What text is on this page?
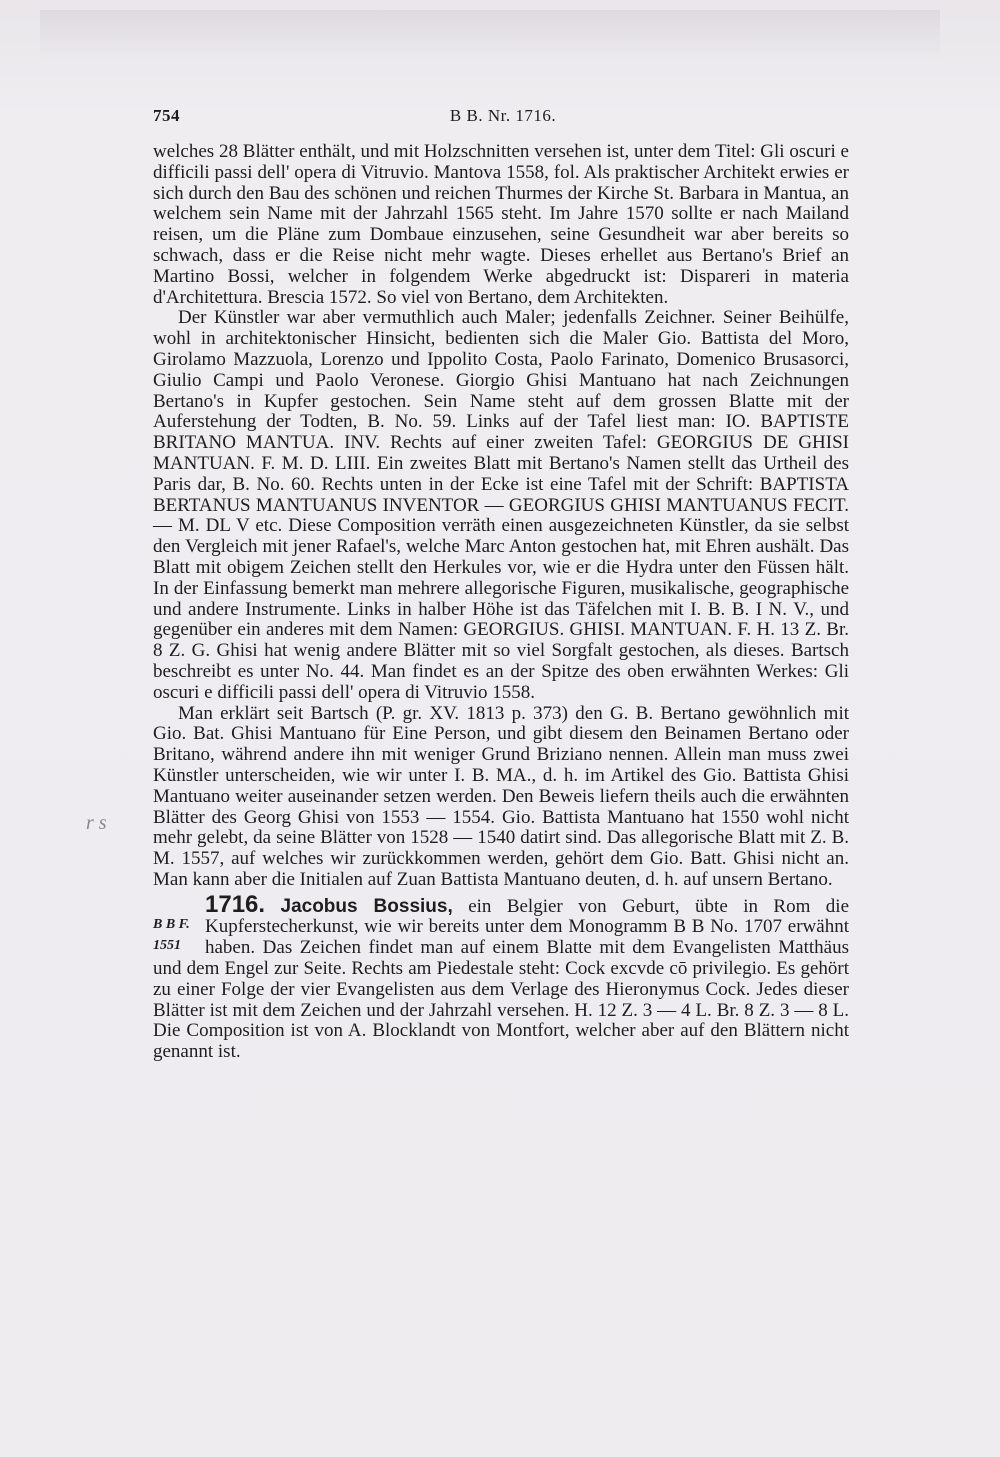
754	B B. Nr. 1716.
r s

welches 28 Blätter enthält, und mit Holzschnitten versehen ist, unter dem Titel: Gli oscuri e difficili passi dell' opera di Vitruvio. Mantova 1558, fol. Als praktischer Architekt erwies er sich durch den Bau des schönen und reichen Thurmes der Kirche St. Barbara in Mantua, an welchem sein Name mit der Jahrzahl 1565 steht. Im Jahre 1570 sollte er nach Mailand reisen, um die Pläne zum Dombaue einzusehen, seine Gesundheit war aber bereits so schwach, dass er die Reise nicht mehr wagte. Dieses erhellet aus Bertano's Brief an Martino Bossi, welcher in folgendem Werke abgedruckt ist: Dispareri in materia d'Architettura. Brescia 1572. So viel von Bertano, dem Architekten.

Der Künstler war aber vermuthlich auch Maler; jedenfalls Zeichner. Seiner Beihülfe, wohl in architektonischer Hinsicht, bedienten sich die Maler Gio. Battista del Moro, Girolamo Mazzuola, Lorenzo und Ippolito Costa, Paolo Farinato, Domenico Brusasorci, Giulio Campi und Paolo Veronese. Giorgio Ghisi Mantuano hat nach Zeichnungen Bertano's in Kupfer gestochen. Sein Name steht auf dem grossen Blatte mit der Auferstehung der Todten, B. No. 59. Links auf der Tafel liest man: IO. BAPTISTE BRITANO MANTUA. INV. Rechts auf einer zweiten Tafel: GEORGIUS DE GHISI MANTUAN. F. M. D. LIII. Ein zweites Blatt mit Bertano's Namen stellt das Urtheil des Paris dar, B. No. 60. Rechts unten in der Ecke ist eine Tafel mit der Schrift: BAPTISTA BERTANUS MANTUANUS INVENTOR — GEORGIUS GHISI MANTUANUS FECIT. — M. DL V etc. Diese Composition verräth einen ausgezeichneten Künstler, da sie selbst den Vergleich mit jener Rafael's, welche Marc Anton gestochen hat, mit Ehren aushält. Das Blatt mit obigem Zeichen stellt den Herkules vor, wie er die Hydra unter den Füssen hält. In der Einfassung bemerkt man mehrere allegorische Figuren, musikalische, geographische und andere Instrumente. Links in halber Höhe ist das Täfelchen mit I. B. B. I N. V., und gegenüber ein anderes mit dem Namen: GEORGIUS. GHISI. MANTUAN. F. H. 13 Z. Br. 8 Z. G. Ghisi hat wenig andere Blätter mit so viel Sorgfalt gestochen, als dieses. Bartsch beschreibt es unter No. 44. Man findet es an der Spitze des oben erwähnten Werkes: Gli oscuri e difficili passi dell' opera di Vitruvio 1558.

Man erklärt seit Bartsch (P. gr. XV. 1813 p. 373) den G. B. Bertano gewöhnlich mit Gio. Bat. Ghisi Mantuano für Eine Person, und gibt diesem den Beinamen Bertano oder Britano, während andere ihn mit weniger Grund Briziano nennen. Allein man muss zwei Künstler unterscheiden, wie wir unter I. B. MA., d. h. im Artikel des Gio. Battista Ghisi Mantuano weiter auseinander setzen werden. Den Beweis liefern theils auch die erwähnten Blätter des Georg Ghisi von 1553 — 1554. Gio. Battista Mantuano hat 1550 wohl nicht mehr gelebt, da seine Blätter von 1528 — 1540 datirt sind. Das allegorische Blatt mit Z. B. M. 1557, auf welches wir zurückkommen werden, gehört dem Gio. Batt. Ghisi nicht an. Man kann aber die Initialen auf Zuan Battista Mantuano deuten, d. h. auf unsern Bertano.

B B F.
1551
1716. Jacobus Bossius, ein Belgier von Geburt, übte in Rom die Kupferstecherkunst, wie wir bereits unter dem Monogramm B B No. 1707 erwähnt haben. Das Zeichen findet man auf einem Blatte mit dem Evangelisten Matthäus und dem Engel zur Seite. Rechts am Piedestale steht: Cock excvde cō privilegio. Es gehört zu einer Folge der vier Evangelisten aus dem Verlage des Hieronymus Cock. Jedes dieser Blätter ist mit dem Zeichen und der Jahrzahl versehen. H. 12 Z. 3 — 4 L. Br. 8 Z. 3 — 8 L. Die Composition ist von A. Blocklandt von Montfort, welcher aber auf den Blättern nicht genannt ist.
